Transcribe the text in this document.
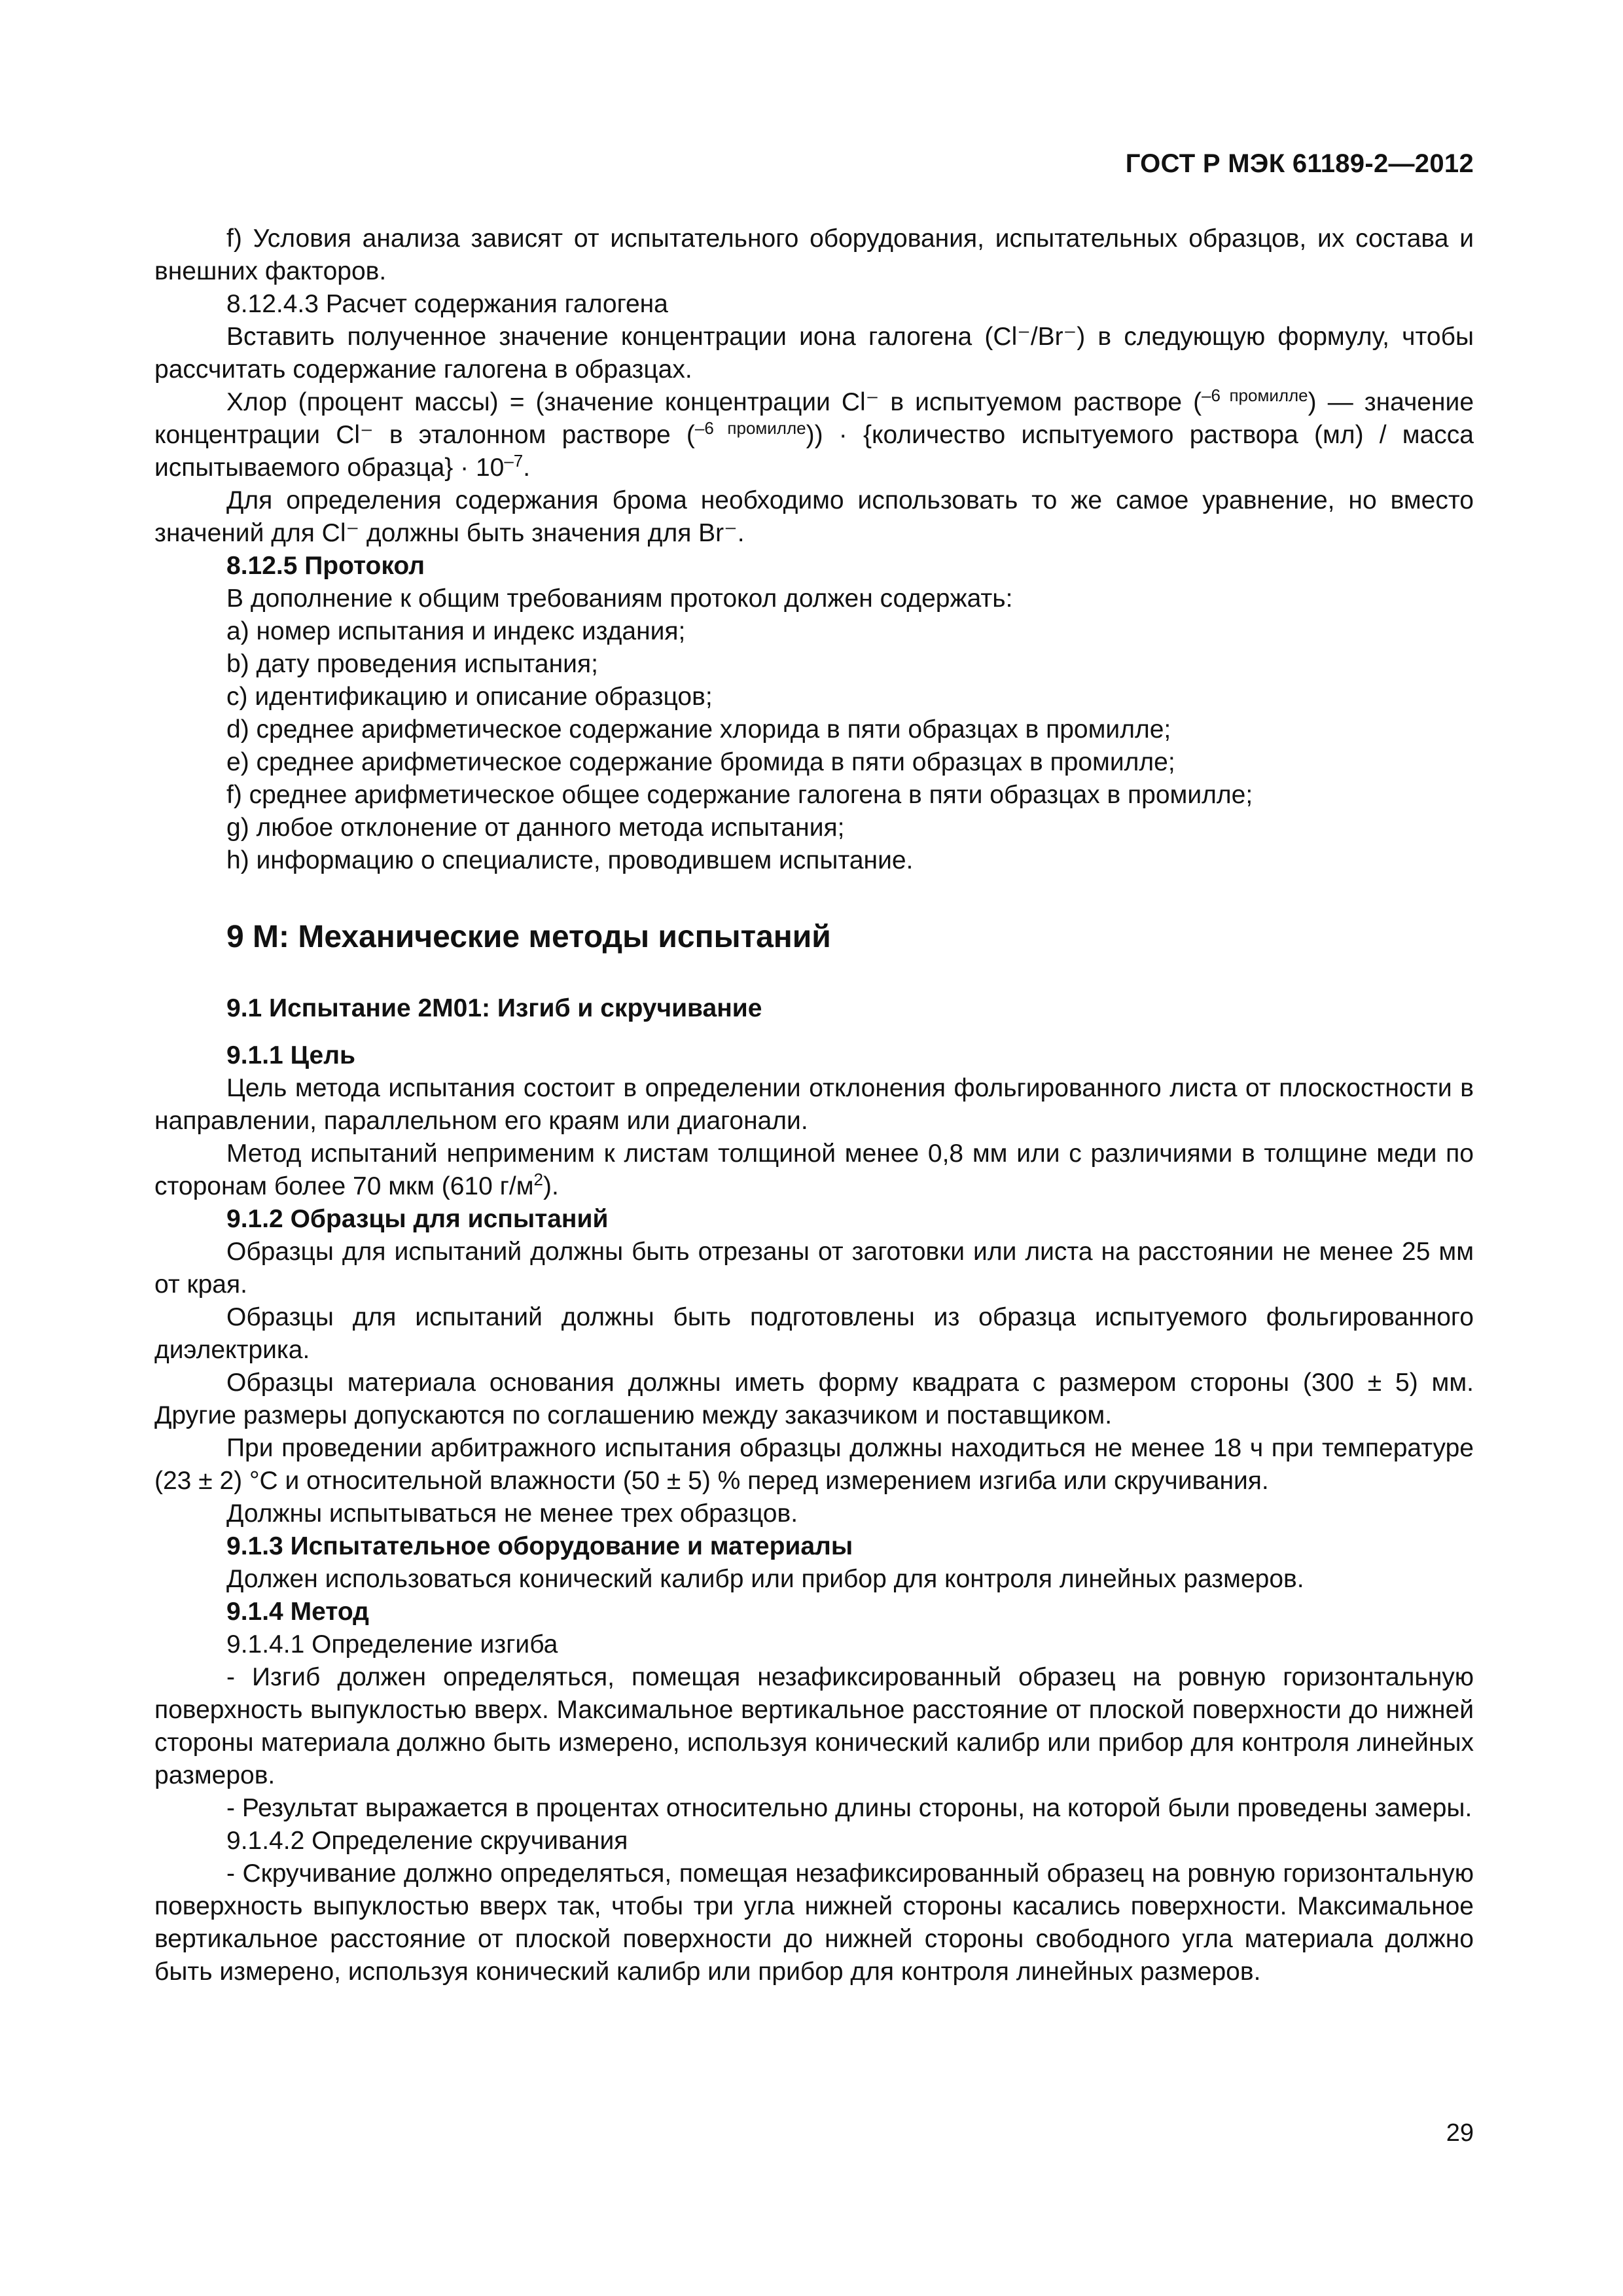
ГОСТ Р МЭК 61189-2—2012

f) Условия анализа зависят от испытательного оборудования, испытательных образцов, их состава и внешних факторов.

8.12.4.3 Расчет содержания галогена

Вставить полученное значение концентрации иона галогена (Cl⁻/Br⁻) в следующую формулу, чтобы рассчитать содержание галогена в образцах.

Хлор (процент массы) = (значение концентрации Cl⁻ в испытуемом растворе ($^{-6 промилле}$) — значение концентрации Cl⁻ в эталонном растворе ($^{-6 промилле}$)) · {количество испытуемого раствора (мл) / масса испытываемого образца} · $10^{-7}$.

Для определения содержания брома необходимо использовать то же самое уравнение, но вместо значений для Cl⁻ должны быть значения для Br⁻.

8.12.5 Протокол

В дополнение к общим требованиям протокол должен содержать:

а) номер испытания и индекс издания;

b) дату проведения испытания;

c) идентификацию и описание образцов;

d) среднее арифметическое содержание хлорида в пяти образцах в промилле;

e) среднее арифметическое содержание бромида в пяти образцах в промилле;

f) среднее арифметическое общее содержание галогена в пяти образцах в промилле;

g) любое отклонение от данного метода испытания;

h) информацию о специалисте, проводившем испытание.

9 М: Механические методы испытаний
9.1 Испытание 2M01: Изгиб и скручивание

9.1.1 Цель

Цель метода испытания состоит в определении отклонения фольгированного листа от плоскостности в направлении, параллельном его краям или диагонали.

Метод испытаний неприменим к листам толщиной менее 0,8 мм или с различиями в толщине меди по сторонам более 70 мкм (610 $г/м^2$).

9.1.2 Образцы для испытаний

Образцы для испытаний должны быть отрезаны от заготовки или листа на расстоянии не менее 25 мм от края.

Образцы для испытаний должны быть подготовлены из образца испытуемого фольгированного диэлектрика.

Образцы материала основания должны иметь форму квадрата с размером стороны (300 ± 5) мм. Другие размеры допускаются по соглашению между заказчиком и поставщиком.

При проведении арбитражного испытания образцы должны находиться не менее 18 ч при температуре (23 ± 2) °С и относительной влажности (50 ± 5) % перед измерением изгиба или скручивания.

Должны испытываться не менее трех образцов.

9.1.3 Испытательное оборудование и материалы

Должен использоваться конический калибр или прибор для контроля линейных размеров.

9.1.4 Метод

9.1.4.1 Определение изгиба

- Изгиб должен определяться, помещая незафиксированный образец на ровную горизонтальную поверхность выпуклостью вверх. Максимальное вертикальное расстояние от плоской поверхности до нижней стороны материала должно быть измерено, используя конический калибр или прибор для контроля линейных размеров.

- Результат выражается в процентах относительно длины стороны, на которой были проведены замеры.

9.1.4.2 Определение скручивания

- Скручивание должно определяться, помещая незафиксированный образец на ровную горизонтальную поверхность выпуклостью вверх так, чтобы три угла нижней стороны касались поверхности. Максимальное вертикальное расстояние от плоской поверхности до нижней стороны свободного угла материала должно быть измерено, используя конический калибр или прибор для контроля линейных размеров.

29
